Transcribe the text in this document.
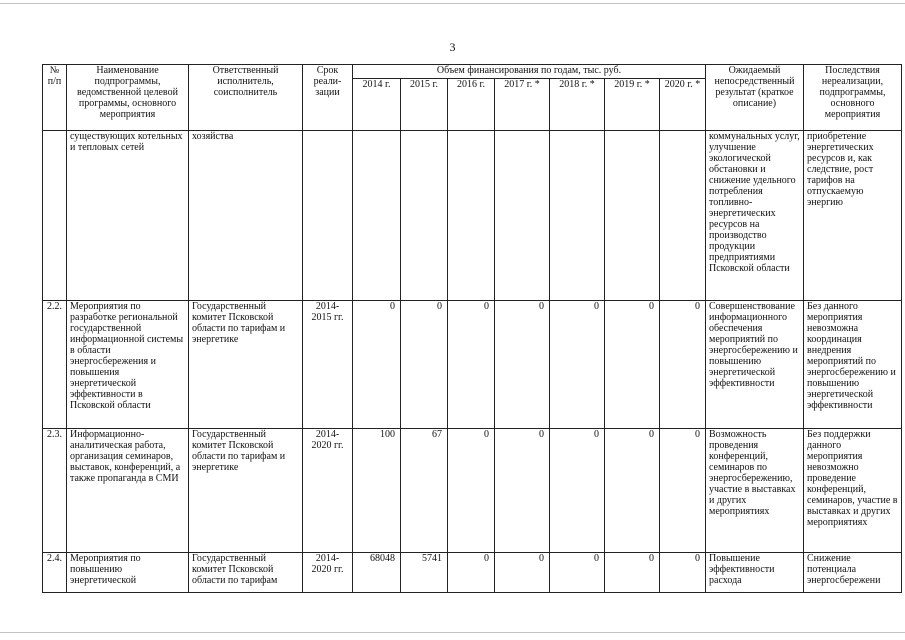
3
№ п/п	Наименование подпрограммы, ведомственной целевой программы, основного мероприятия	Ответственный исполнитель, соисполнитель	Срок реали-зации	Объем финансирования по годам, тыс. руб.							Ожидаемый непосредственный результат (краткое описание)	Последствия нереализации, подпрограммы, основного мероприятия
				2014 г.	2015 г.	2016 г.	2017 г. *	2018 г. *	2019 г. *	2020 г. *		
	существующих котельных и тепловых сетей	хозяйства									коммунальных услуг, улучшение экологической обстановки и снижение удельного потребления топливно-энергетических ресурсов на производство продукции предприятиями Псковской области	приобретение энергетических ресурсов и, как следствие, рост тарифов на отпускаемую энергию
2.2.	Мероприятия по разработке региональной государственной информационной системы в области энергосбережения и повышения энергетической эффективности в Псковской области	Государственный комитет Псковской области по тарифам и энергетике	2014-2015 гг.	0	0	0	0	0	0	0	Совершенствование информационного обеспечения мероприятий по энергосбережению и повышению энергетической эффективности	Без данного мероприятия невозможна координация внедрения мероприятий по энергосбережению и повышению энергетической эффективности
2.3.	Информационно-аналитическая работа, организация семинаров, выставок, конференций, а также пропаганда в СМИ	Государственный комитет Псковской области по тарифам и энергетике	2014-2020 гг.	100	67	0	0	0	0	0	Возможность проведения конференций, семинаров по энергосбережению, участие в выставках и других мероприятиях	Без поддержки данного мероприятия невозможно проведение конференций, семинаров, участие в выставках и других мероприятиях
2.4.	Мероприятия по повышению энергетической	Государственный комитет Псковской области по тарифам	2014-2020 гг.	68048	5741	0	0	0	0	0	Повышение эффективности расхода	Снижение потенциала энергосбережени
